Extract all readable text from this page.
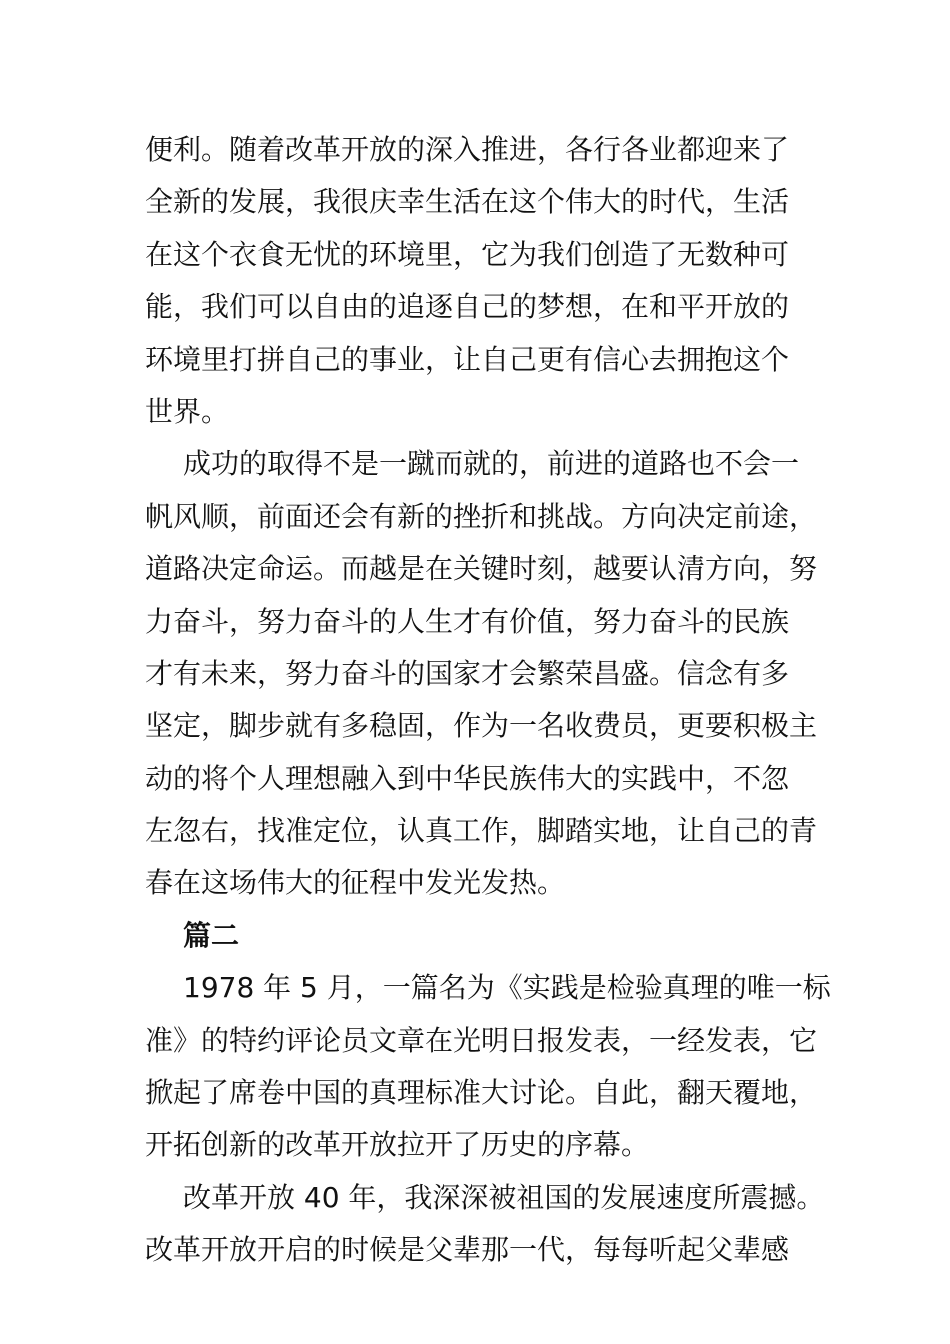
便利。随着改革开放的深入推进，各行各业都迎来了
全新的发展，我很庆幸生活在这个伟大的时代，生活
在这个衣食无忧的环境里，它为我们创造了无数种可
能，我们可以自由的追逐自己的梦想，在和平开放的
环境里打拼自己的事业，让自己更有信心去拥抱这个
世界。
成功的取得不是一蹴而就的，前进的道路也不会一
帆风顺，前面还会有新的挫折和挑战。方向决定前途，
道路决定命运。而越是在关键时刻，越要认清方向，努
力奋斗，努力奋斗的人生才有价值，努力奋斗的民族
才有未来，努力奋斗的国家才会繁荣昌盛。信念有多
坚定，脚步就有多稳固，作为一名收费员，更要积极主
动的将个人理想融入到中华民族伟大的实践中，不忽
左忽右，找准定位，认真工作，脚踏实地，让自己的青
春在这场伟大的征程中发光发热。
篇二
1978 年 5 月，一篇名为《实践是检验真理的唯一标
准》的特约评论员文章在光明日报发表，一经发表，它
掀起了席卷中国的真理标准大讨论。自此，翻天覆地，
开拓创新的改革开放拉开了历史的序幕。
改革开放 40 年，我深深被祖国的发展速度所震撼。
改革开放开启的时候是父辈那一代，每每听起父辈感
